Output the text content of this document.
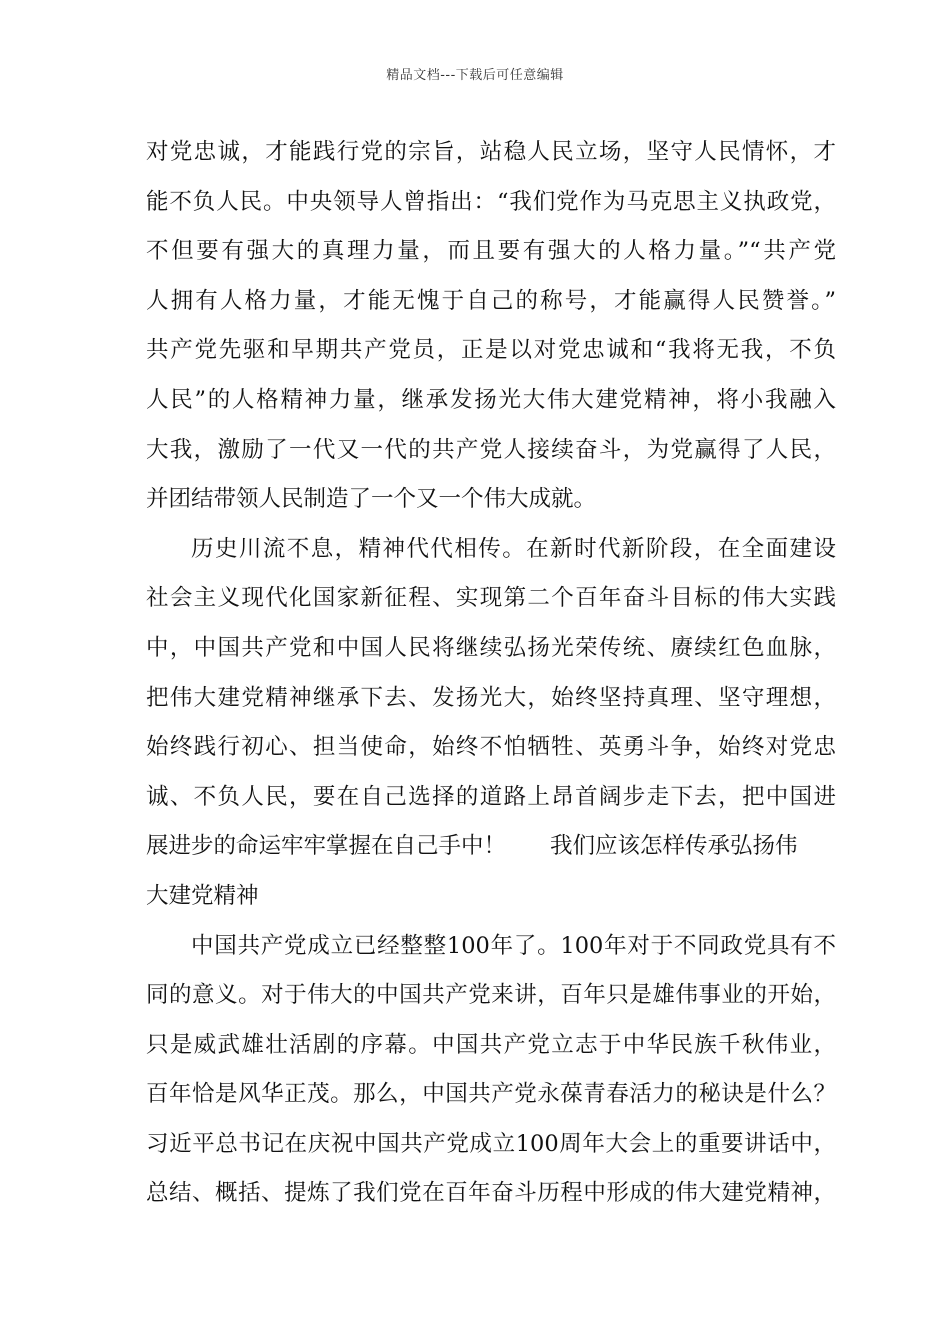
精品文档---下载后可任意编辑
对党忠诚，才能践行党的宗旨，站稳人民立场，坚守人民情怀，才
能不负人民。中央领导人曾指出：“我们党作为马克思主义执政党，
不但要有强大的真理力量，而且要有强大的人格力量。”“共产党
人拥有人格力量，才能无愧于自己的称号，才能赢得人民赞誉。”
共产党先驱和早期共产党员，正是以对党忠诚和“我将无我，不负
人民”的人格精神力量，继承发扬光大伟大建党精神，将小我融入
大我，激励了一代又一代的共产党人接续奋斗，为党赢得了人民，
并团结带领人民制造了一个又一个伟大成就。
历史川流不息，精神代代相传。在新时代新阶段，在全面建设
社会主义现代化国家新征程、实现第二个百年奋斗目标的伟大实践
中，中国共产党和中国人民将继续弘扬光荣传统、赓续红色血脉，
把伟大建党精神继承下去、发扬光大，始终坚持真理、坚守理想，
始终践行初心、担当使命，始终不怕牺牲、英勇斗争，始终对党忠
诚、不负人民，要在自己选择的道路上昂首阔步走下去，把中国进
展进步的命运牢牢掌握在自己手中！ 我们应该怎样传承弘扬伟
大建党精神
中国共产党成立已经整整100年了。100年对于不同政党具有不
同的意义。对于伟大的中国共产党来讲，百年只是雄伟事业的开始，
只是威武雄壮活剧的序幕。中国共产党立志于中华民族千秋伟业，
百年恰是风华正茂。那么，中国共产党永葆青春活力的秘诀是什么？
习近平总书记在庆祝中国共产党成立100周年大会上的重要讲话中，
总结、概括、提炼了我们党在百年奋斗历程中形成的伟大建党精神，
